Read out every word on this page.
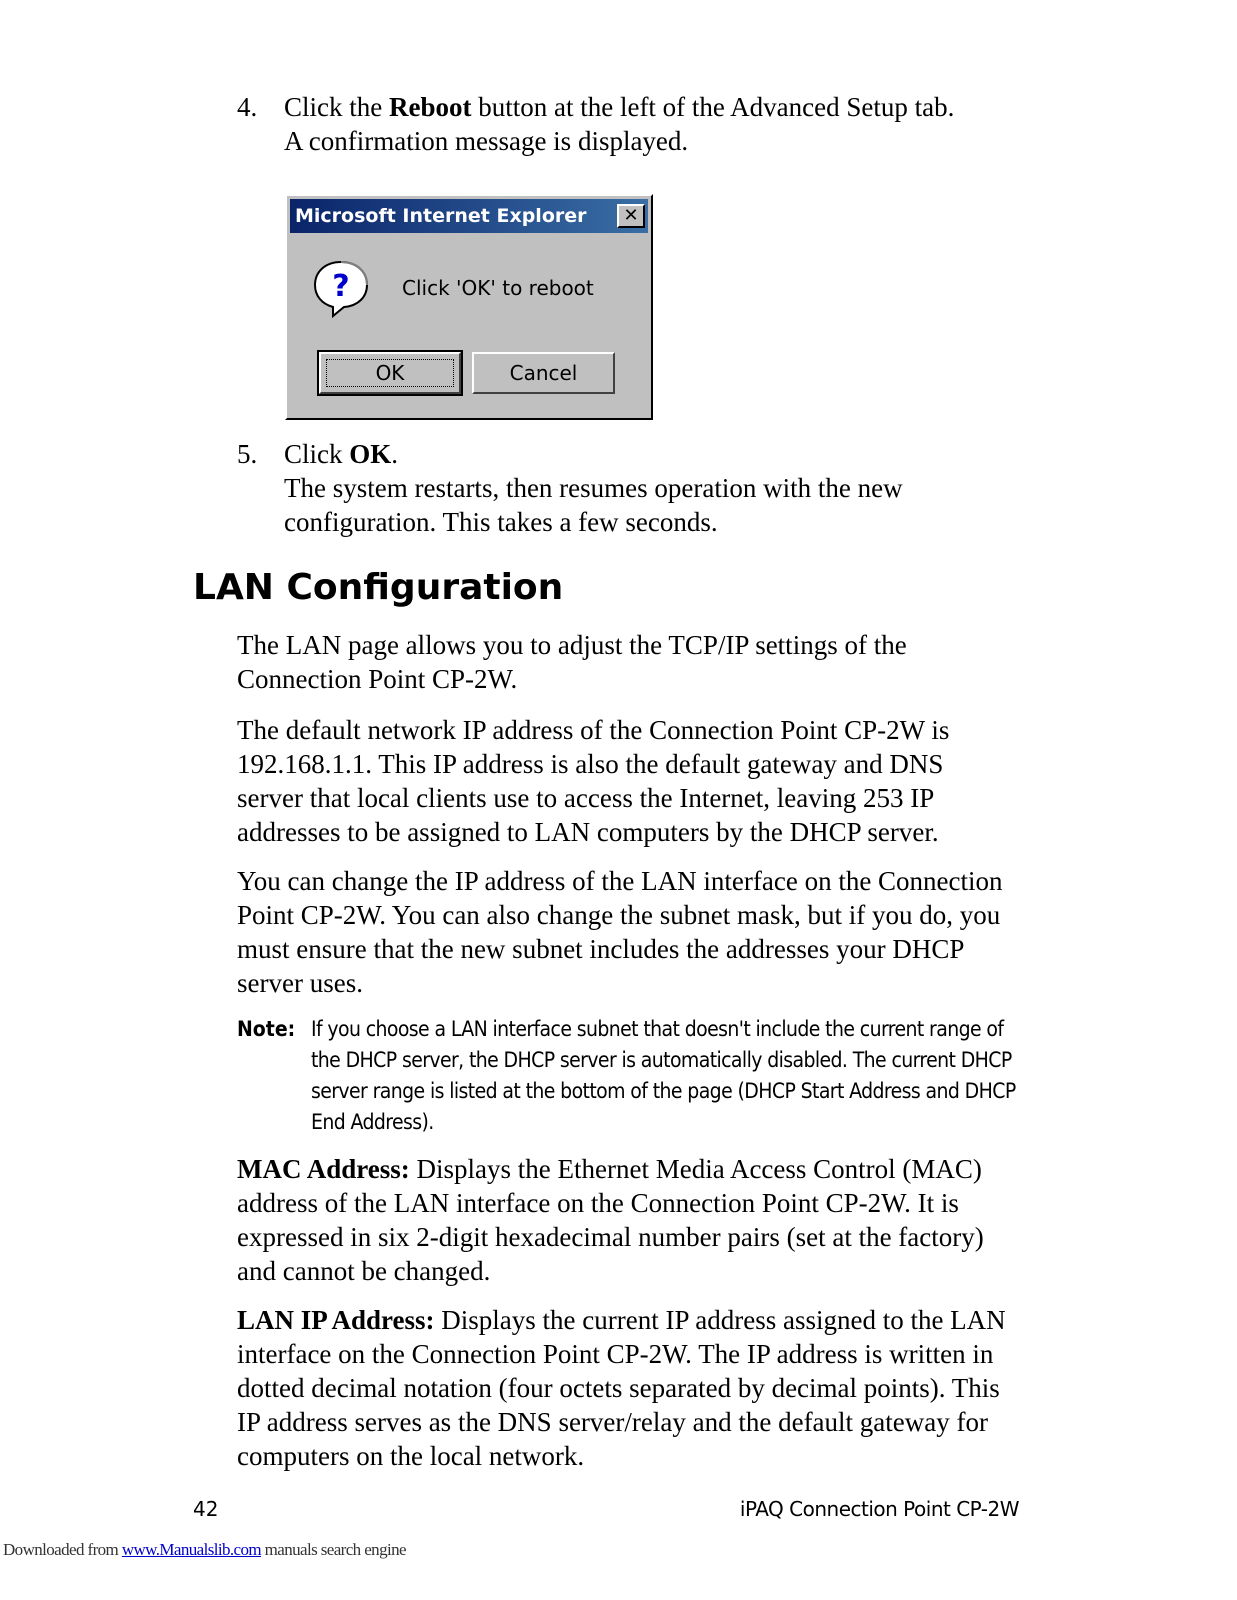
4. Click the Reboot button at the left of the Advanced Setup tab.
A confirmation message is displayed.
Microsoft Internet Explorer	✕
?	Click 'OK' to reboot
OK	Cancel
5. Click OK.

The system restarts, then resumes operation with the new configuration. This takes a few seconds.
LAN Configuration

The LAN page allows you to adjust the TCP/IP settings of the Connection Point CP-2W.

The default network IP address of the Connection Point CP-2W is 192.168.1.1. This IP address is also the default gateway and DNS server that local clients use to access the Internet, leaving 253 IP addresses to be assigned to LAN computers by the DHCP server.

You can change the IP address of the LAN interface on the Connection Point CP-2W. You can also change the subnet mask, but if you do, you must ensure that the new subnet includes the addresses your DHCP server uses.

Note: If you choose a LAN interface subnet that doesn't include the current range of the DHCP server, the DHCP server is automatically disabled. The current DHCP server range is listed at the bottom of the page (DHCP Start Address and DHCP End Address).

MAC Address: Displays the Ethernet Media Access Control (MAC) address of the LAN interface on the Connection Point CP-2W. It is expressed in six 2-digit hexadecimal number pairs (set at the factory) and cannot be changed.

LAN IP Address: Displays the current IP address assigned to the LAN interface on the Connection Point CP-2W. The IP address is written in dotted decimal notation (four octets separated by decimal points). This IP address serves as the DNS server/relay and the default gateway for computers on the local network.

42	iPAQ Connection Point CP-2W
Downloaded from www.Manualslib.com manuals search engine
